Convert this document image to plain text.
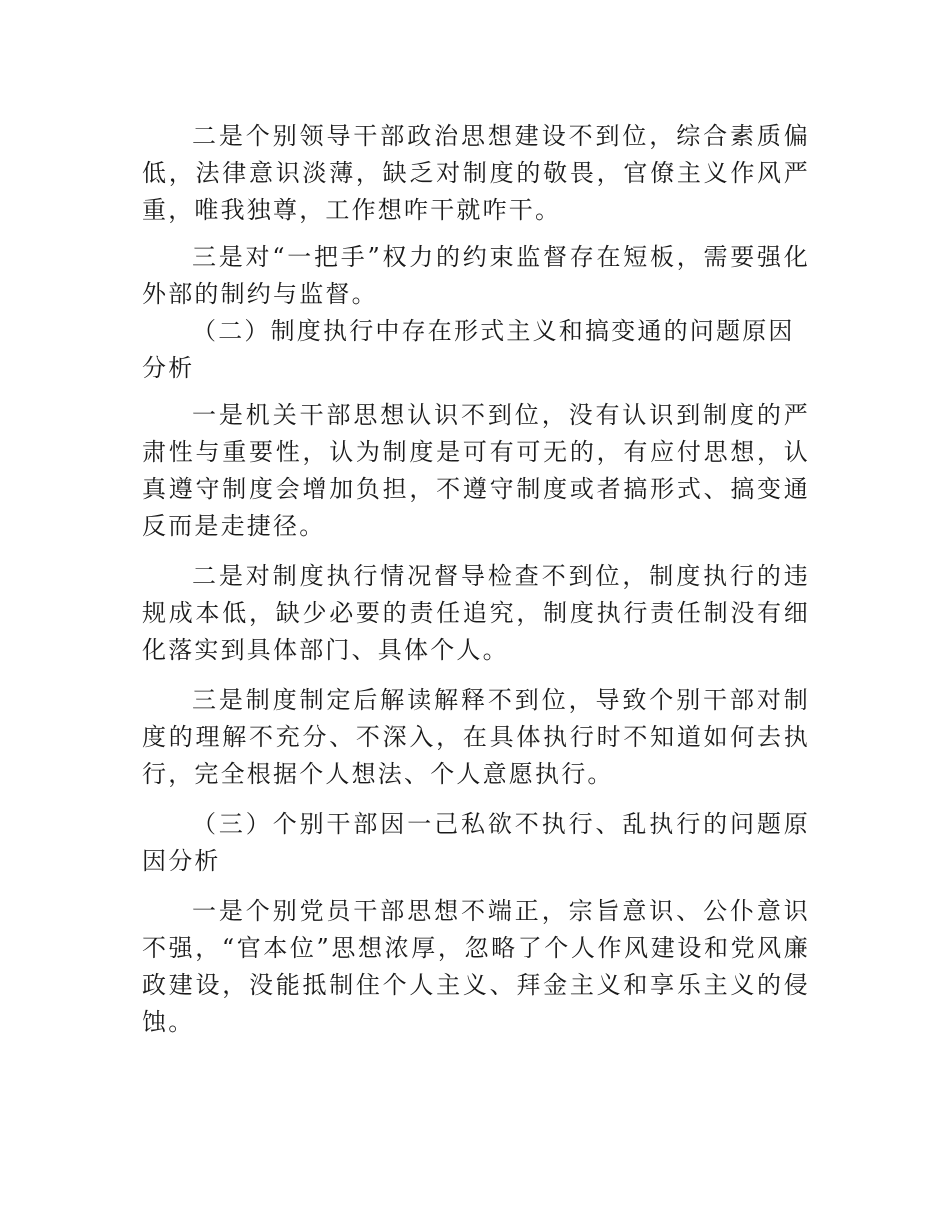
二是个别领导干部政治思想建设不到位，综合素质偏低，法律意识淡薄，缺乏对制度的敬畏，官僚主义作风严重，唯我独尊，工作想咋干就咋干。

三是对“一把手”权力的约束监督存在短板，需要强化外部的制约与监督。

（二）制度执行中存在形式主义和搞变通的问题原因分析

一是机关干部思想认识不到位，没有认识到制度的严肃性与重要性，认为制度是可有可无的，有应付思想，认真遵守制度会增加负担，不遵守制度或者搞形式、搞变通反而是走捷径。

二是对制度执行情况督导检查不到位，制度执行的违规成本低，缺少必要的责任追究，制度执行责任制没有细化落实到具体部门、具体个人。

三是制度制定后解读解释不到位，导致个别干部对制度的理解不充分、不深入，在具体执行时不知道如何去执行，完全根据个人想法、个人意愿执行。

（三）个别干部因一己私欲不执行、乱执行的问题原因分析

一是个别党员干部思想不端正，宗旨意识、公仆意识不强，“官本位”思想浓厚，忽略了个人作风建设和党风廉政建设，没能抵制住个人主义、拜金主义和享乐主义的侵蚀。
